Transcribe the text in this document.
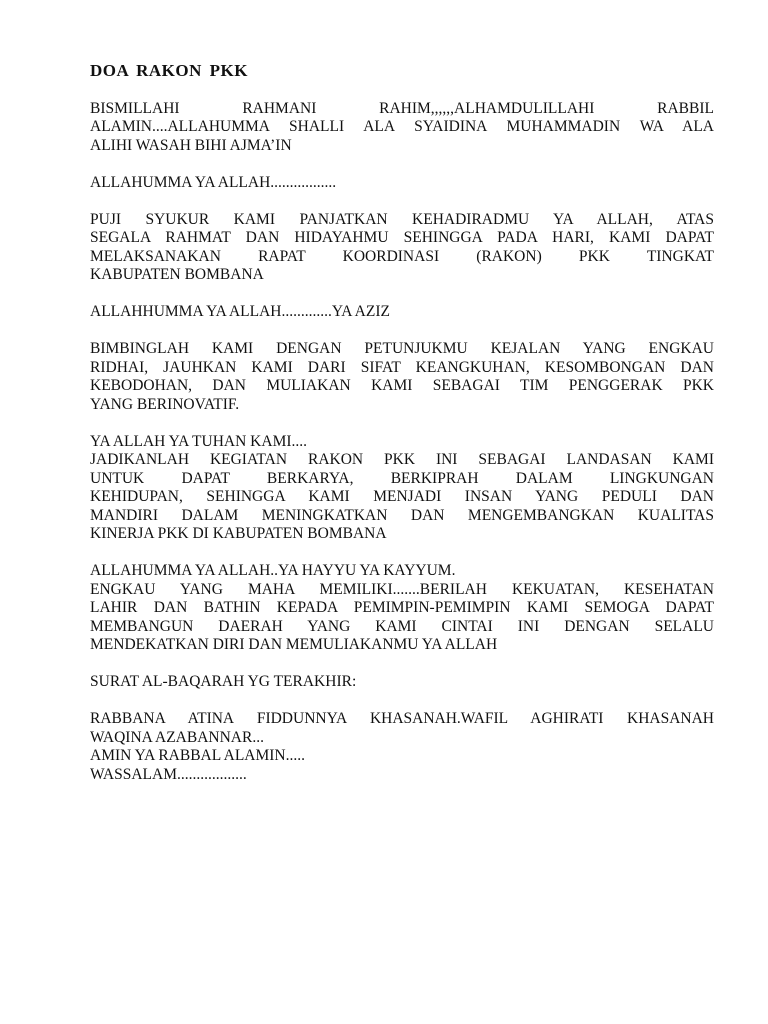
DOA RAKON PKK
BISMILLAHI RAHMANI RAHIM,,,,,,ALHAMDULILLAHI RABBIL
ALAMIN....ALLAHUMMA SHALLI ALA SYAIDINA MUHAMMADIN WA ALA
ALIHI WASAH BIHI AJMA’IN
ALLAHUMMA YA ALLAH.................
PUJI SYUKUR KAMI PANJATKAN KEHADIRADMU YA ALLAH, ATAS
SEGALA RAHMAT DAN HIDAYAHMU SEHINGGA PADA HARI, KAMI DAPAT
MELAKSANAKAN RAPAT KOORDINASI (RAKON) PKK TINGKAT
KABUPATEN BOMBANA
ALLAHHUMMA YA ALLAH.............YA AZIZ
BIMBINGLAH KAMI DENGAN PETUNJUKMU KEJALAN YANG ENGKAU
RIDHAI, JAUHKAN KAMI DARI SIFAT KEANGKUHAN, KESOMBONGAN DAN
KEBODOHAN, DAN MULIAKAN KAMI SEBAGAI TIM PENGGERAK PKK
YANG BERINOVATIF.
YA ALLAH YA TUHAN KAMI....
JADIKANLAH KEGIATAN RAKON PKK INI SEBAGAI LANDASAN KAMI
UNTUK DAPAT BERKARYA, BERKIPRAH DALAM LINGKUNGAN
KEHIDUPAN, SEHINGGA KAMI MENJADI INSAN YANG PEDULI DAN
MANDIRI DALAM MENINGKATKAN DAN MENGEMBANGKAN KUALITAS
KINERJA PKK DI KABUPATEN BOMBANA
ALLAHUMMA YA ALLAH..YA HAYYU YA KAYYUM.
ENGKAU YANG MAHA MEMILIKI.......BERILAH KEKUATAN, KESEHATAN
LAHIR DAN BATHIN KEPADA PEMIMPIN-PEMIMPIN KAMI SEMOGA DAPAT
MEMBANGUN DAERAH YANG KAMI CINTAI INI DENGAN SELALU
MENDEKATKAN DIRI DAN MEMULIAKANMU YA ALLAH
SURAT AL-BAQARAH YG TERAKHIR:
RABBANA ATINA FIDDUNNYA KHASANAH.WAFIL AGHIRATI KHASANAH
WAQINA AZABANNAR...
AMIN YA RABBAL ALAMIN.....
WASSALAM..................
